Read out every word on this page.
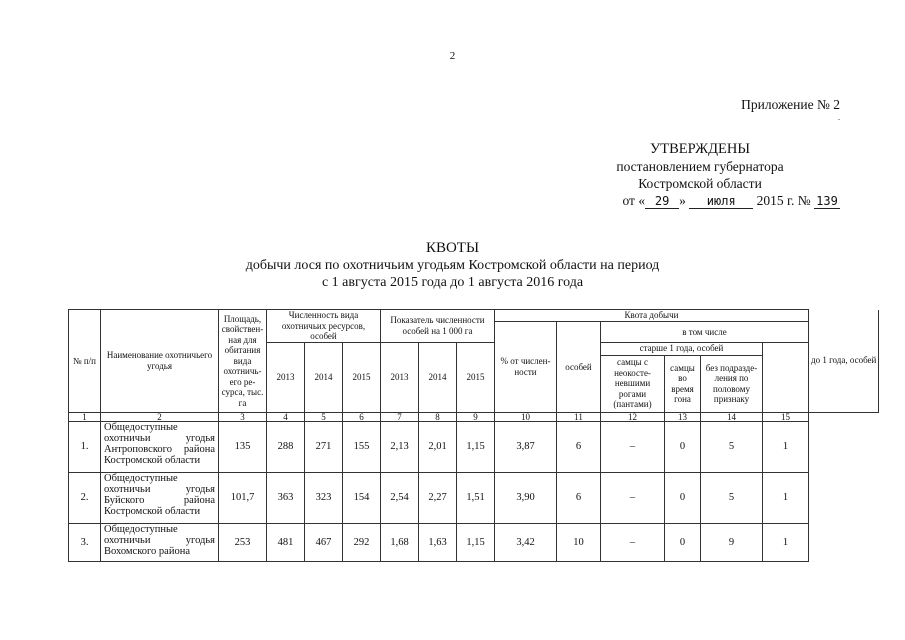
2
Приложение № 2
.
УТВЕРЖДЕНЫ
постановлением губернатора
Костромской области
от « 29 » июля 2015 г. № 139
КВОТЫ
добычи лося по охотничьим угодьям Костромской области на период
с 1 августа 2015 года до 1 августа 2016 года
№ п/п	Наименование охотничьего угодья	Площадь, свойствен-ная для обитания вида охотничь-его ре-сурса, тыс. га	Численность вида охотничьих ресурсов, особей			Показатель численности особей на 1 000 га			Квота добычи						до 1 года, особей
									% от числен-ности	особей	в том числе				
			2013	2014	2015	2013	2014	2015			старше 1 года, особей				
											самцы с неокосте-невшими рогами (пантами)	самцы во время гона	без подразде-ления по половому признаку		
1	2	3	4	5	6	7	8	9	10	11	12	13	14	15	
1.	Общедоступные охотничьи угодья Антроповского района Костромской области	135	288	271	155	2,13	2,01	1,15	3,87	6	–	0	5	1	
2.	Общедоступные охотничьи угодья Буйского района Костромской области	101,7	363	323	154	2,54	2,27	1,51	3,90	6	–	0	5	1	
3.	Общедоступные охотничьи угодья Вохомского района	253	481	467	292	1,68	1,63	1,15	3,42	10	–	0	9	1	
